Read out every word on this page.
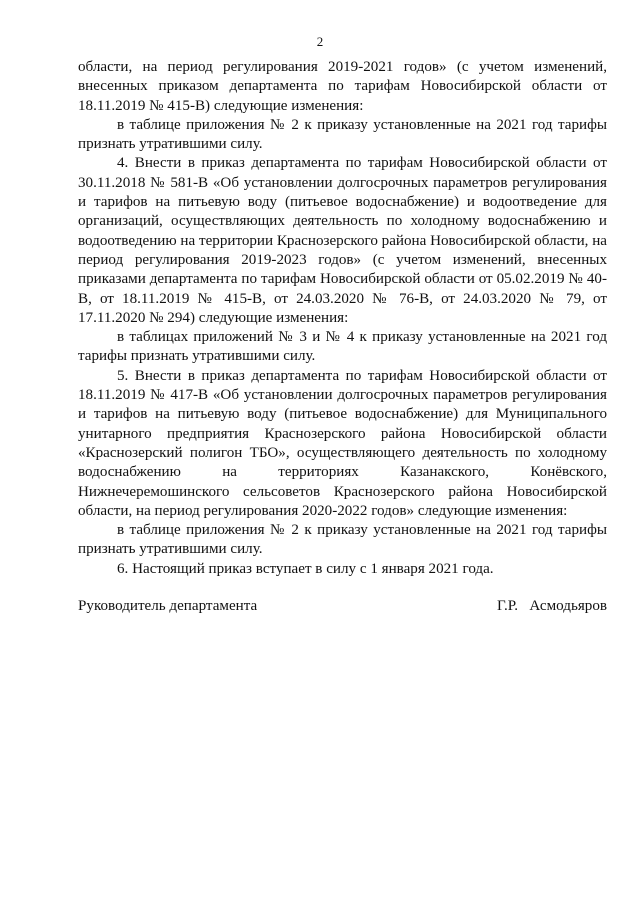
2

области, на период регулирования 2019-2021 годов» (с учетом изменений, внесенных приказом департамента по тарифам Новосибирской области от 18.11.2019 № 415-В) следующие изменения:

в таблице приложения № 2 к приказу установленные на 2021 год тарифы признать утратившими силу.

4. Внести в приказ департамента по тарифам Новосибирской области от 30.11.2018 № 581-В «Об установлении долгосрочных параметров регулирования и тарифов на питьевую воду (питьевое водоснабжение) и водоотведение для организаций, осуществляющих деятельность по холодному водоснабжению и водоотведению на территории Краснозерского района Новосибирской области, на период регулирования 2019-2023 годов» (с учетом изменений, внесенных приказами департамента по тарифам Новосибирской области от 05.02.2019 № 40-В, от 18.11.2019 № 415-В, от 24.03.2020 № 76-В, от 24.03.2020 № 79, от 17.11.2020 № 294) следующие изменения:

в таблицах приложений № 3 и № 4 к приказу установленные на 2021 год тарифы признать утратившими силу.

5. Внести в приказ департамента по тарифам Новосибирской области от 18.11.2019 № 417-В «Об установлении долгосрочных параметров регулирования и тарифов на питьевую воду (питьевое водоснабжение) для Муниципального унитарного предприятия Краснозерского района Новосибирской области «Краснозерский полигон ТБО», осуществляющего деятельность по холодному водоснабжению на территориях Казанакского, Конёвского, Нижнечеремошинского сельсоветов Краснозерского района Новосибирской области, на период регулирования 2020-2022 годов» следующие изменения:

в таблице приложения № 2 к приказу установленные на 2021 год тарифы признать утратившими силу.

6. Настоящий приказ вступает в силу с 1 января 2021 года.

Руководитель департамента	Г.Р.   Асмодьяров
